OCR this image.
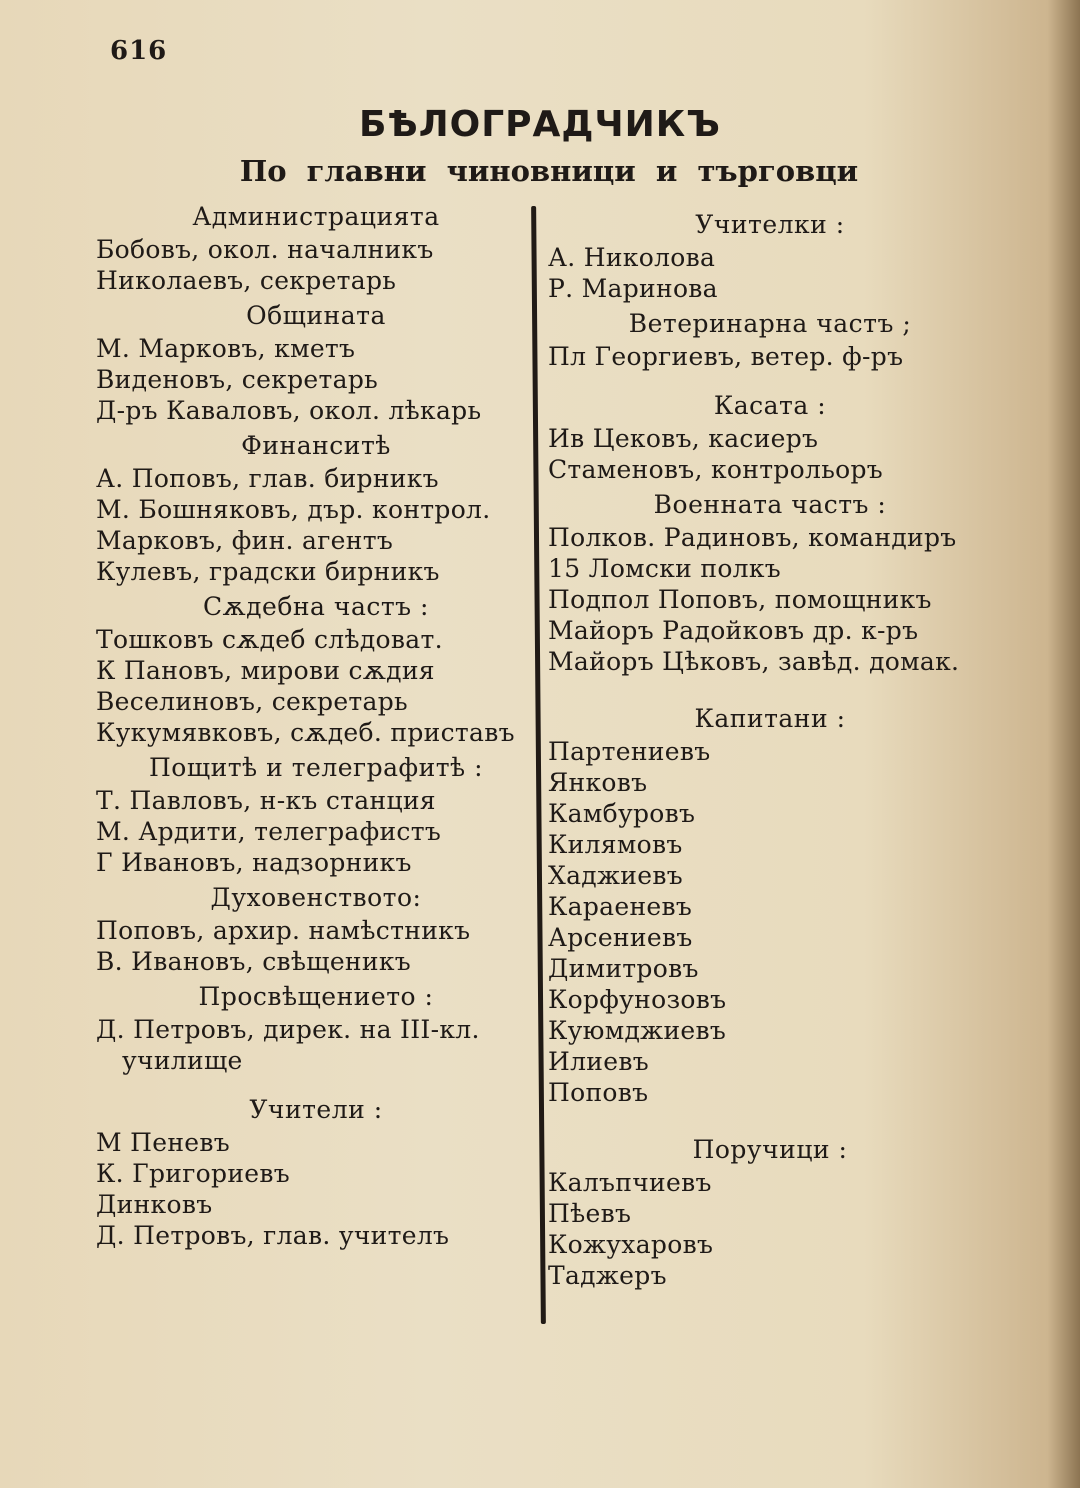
616
БѢЛОГРАДЧИКЪ
По главни чиновници и търговци
Администрацията
Бобовъ, окол. началникъ
Николаевъ, секретарь
Общината
М. Марковъ, кметъ
Виденовъ, секретарь
Д-ръ Каваловъ, окол. лѣкарь
Финанситѣ
А. Поповъ, глав. бирникъ
М. Бошняковъ, дър. контрол.
Марковъ, фин. агентъ
Кулевъ, градски бирникъ
Сѫдебна частъ :
Тошковъ сѫдеб слѣдоват.
К Пановъ, мирови сѫдия
Веселиновъ, секретарь
Кукумявковъ, сѫдеб. приставъ
Пощитѣ и телеграфитѣ :
Т. Павловъ, н-къ станция
М. Ардити, телеграфистъ
Г Ивановъ, надзорникъ
Духовенството:
Поповъ, архир. намѣстникъ
В. Ивановъ, свѣщеникъ
Просвѣщението :
Д. Петровъ, дирек. на III-кл.
училище
Учители :
М Пеневъ
К. Григориевъ
Динковъ
Д. Петровъ, глав. учителъ
Учителки :
А. Николова
Р. Маринова
Ветеринарна частъ ;
Пл Георгиевъ, ветер. ф-ръ
Касата :
Ив Цековъ, касиеръ
Стаменовъ, контрольоръ
Военната частъ :
Полков. Радиновъ, командиръ
15 Ломски полкъ
Подпол Поповъ, помощникъ
Майоръ Радойковъ др. к-ръ
Майоръ Цѣковъ, завѣд. домак.
Капитани :
Партениевъ
Янковъ
Камбуровъ
Килямовъ
Хаджиевъ
Караеневъ
Арсениевъ
Димитровъ
Корфунозовъ
Куюмджиевъ
Илиевъ
Поповъ
Поручици :
Калъпчиевъ
Пѣевъ
Кожухаровъ
Таджеръ
